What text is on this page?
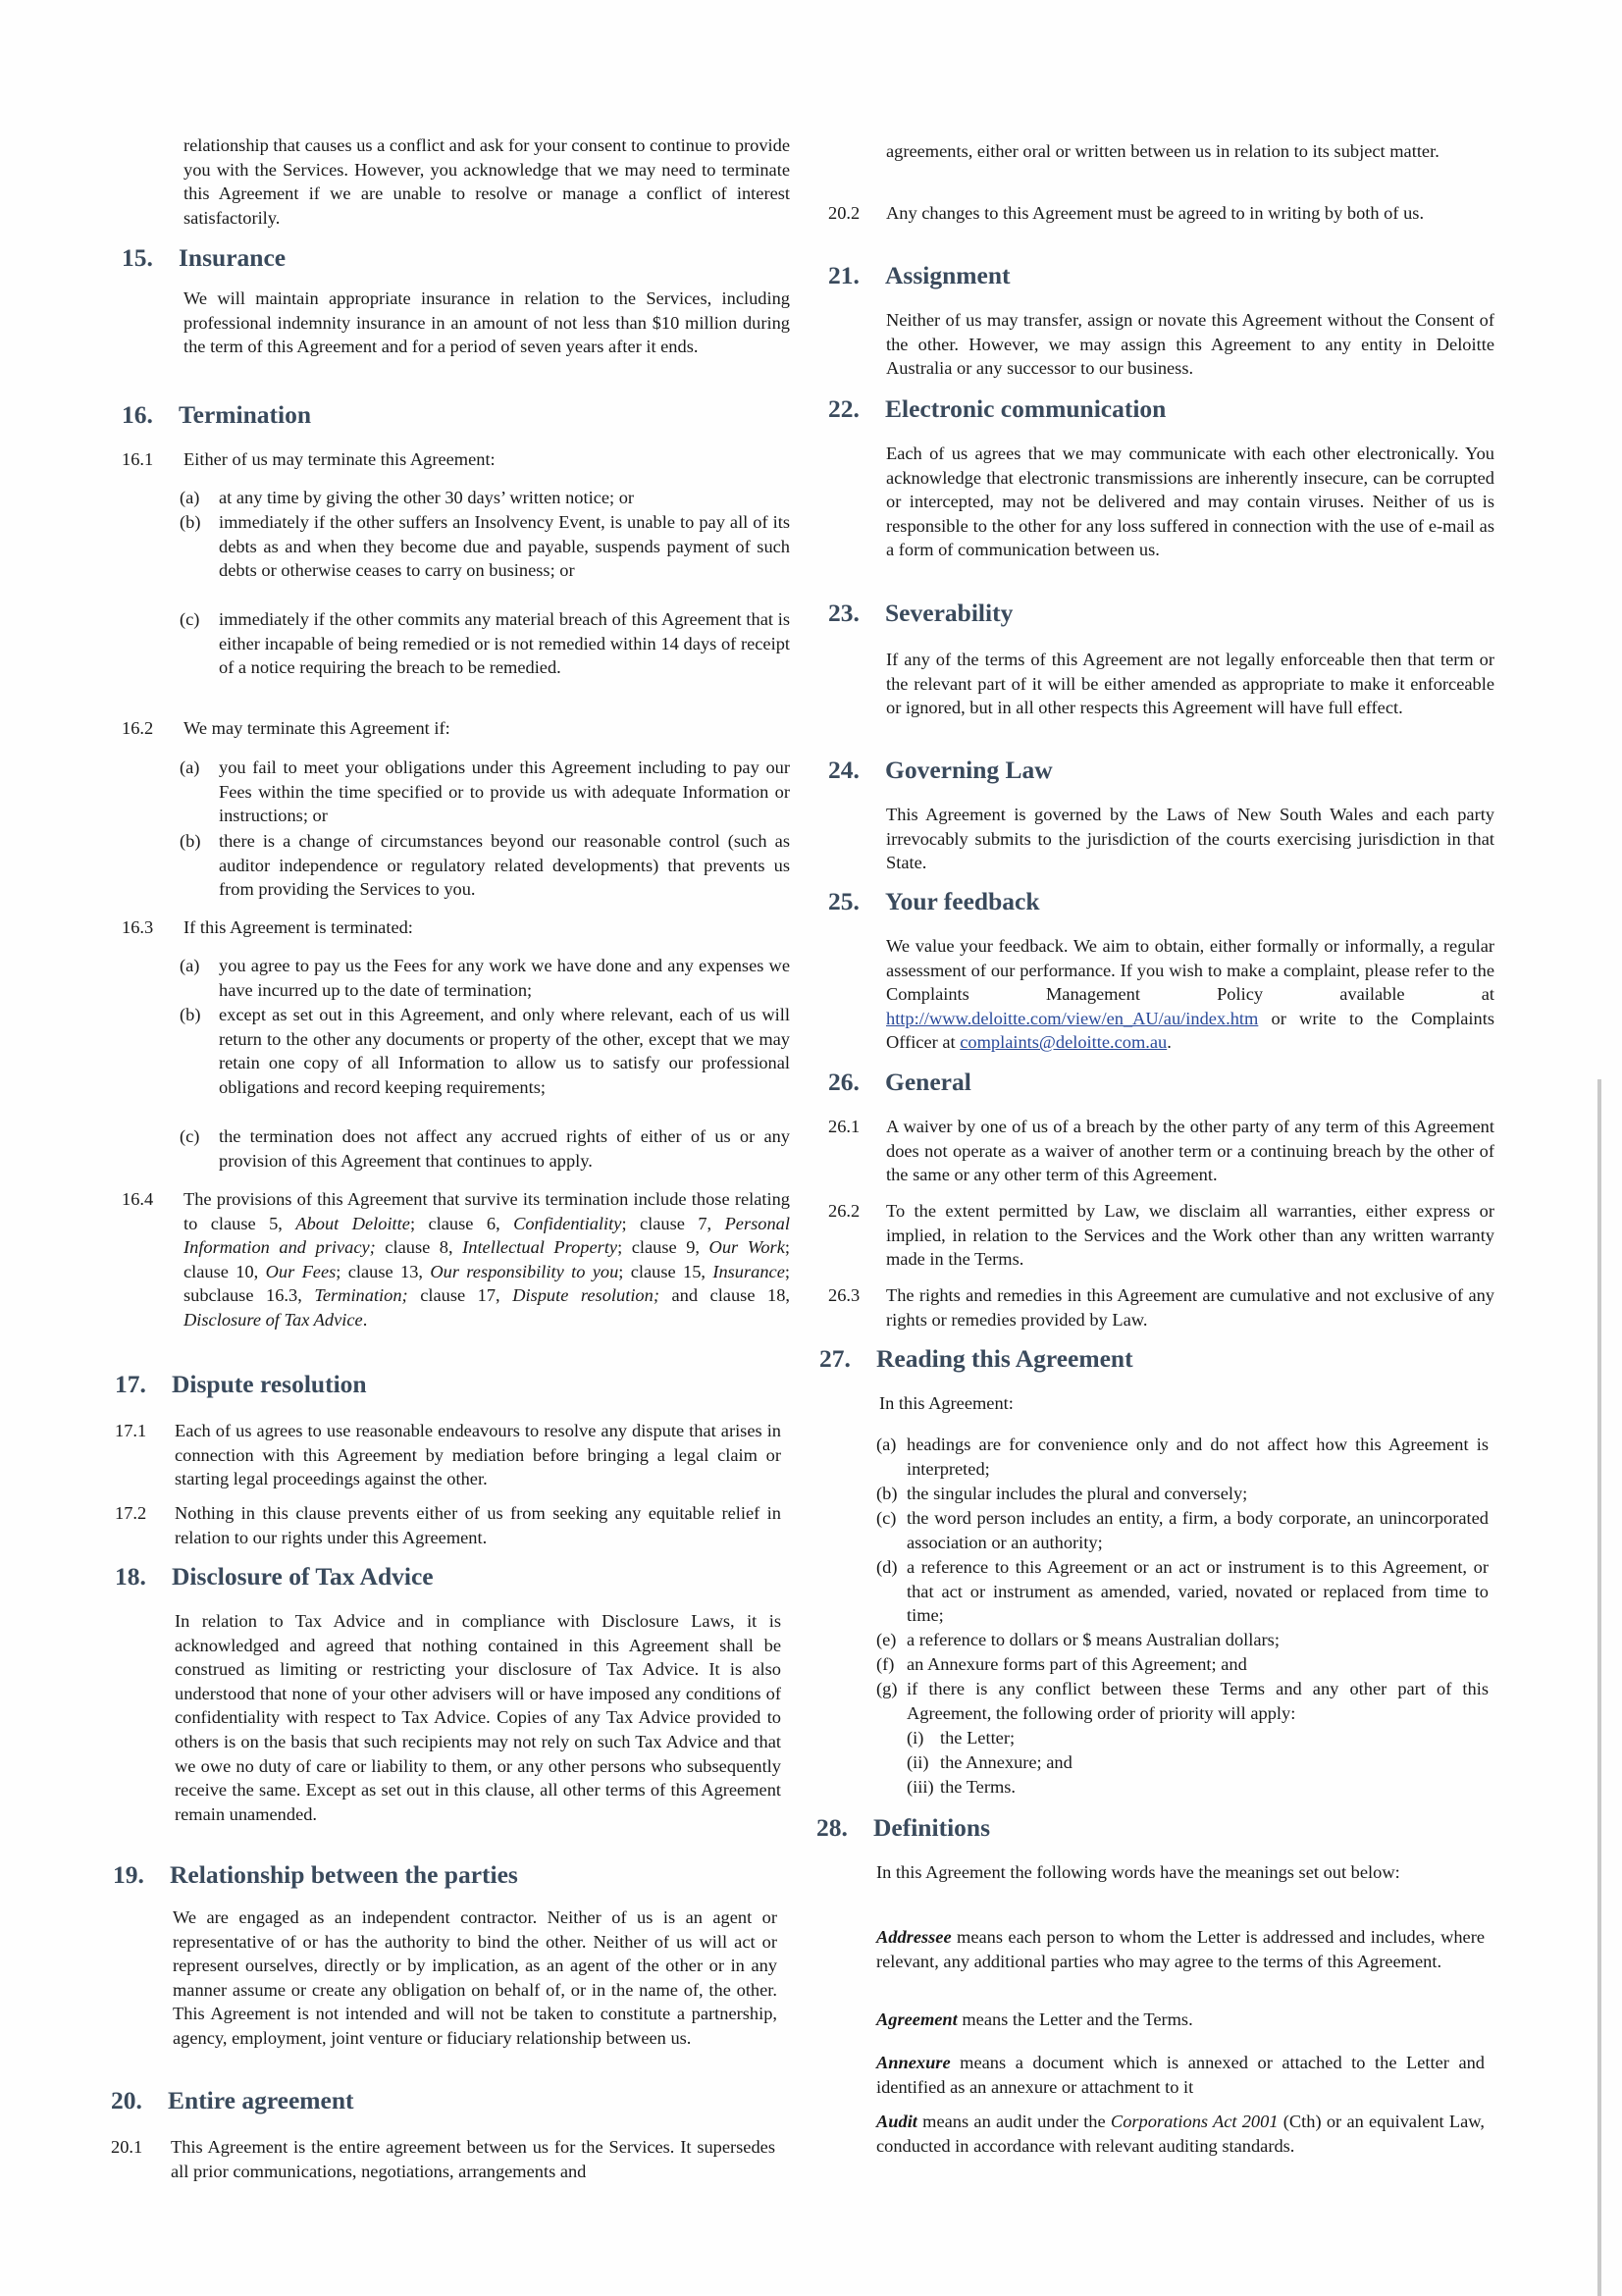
relationship that causes us a conflict and ask for your consent to continue to provide you with the Services. However, you acknowledge that we may need to terminate this Agreement if we are unable to resolve or manage a conflict of interest satisfactorily.
15. Insurance
We will maintain appropriate insurance in relation to the Services, including professional indemnity insurance in an amount of not less than $10 million during the term of this Agreement and for a period of seven years after it ends.
16. Termination
16.1 Either of us may terminate this Agreement:
(a) at any time by giving the other 30 days’ written notice; or
(b) immediately if the other suffers an Insolvency Event, is unable to pay all of its debts as and when they become due and payable, suspends payment of such debts or otherwise ceases to carry on business; or
(c) immediately if the other commits any material breach of this Agreement that is either incapable of being remedied or is not remedied within 14 days of receipt of a notice requiring the breach to be remedied.
16.2 We may terminate this Agreement if:
(a) you fail to meet your obligations under this Agreement including to pay our Fees within the time specified or to provide us with adequate Information or instructions; or
(b) there is a change of circumstances beyond our reasonable control (such as auditor independence or regulatory related developments) that prevents us from providing the Services to you.
16.3 If this Agreement is terminated:
(a) you agree to pay us the Fees for any work we have done and any expenses we have incurred up to the date of termination;
(b) except as set out in this Agreement, and only where relevant, each of us will return to the other any documents or property of the other, except that we may retain one copy of all Information to allow us to satisfy our professional obligations and record keeping requirements;
(c) the termination does not affect any accrued rights of either of us or any provision of this Agreement that continues to apply.
16.4 The provisions of this Agreement that survive its termination include those relating to clause 5, About Deloitte; clause 6, Confidentiality; clause 7, Personal Information and privacy; clause 8, Intellectual Property; clause 9, Our Work; clause 10, Our Fees; clause 13, Our responsibility to you; clause 15, Insurance; subclause 16.3, Termination; clause 17, Dispute resolution; and clause 18, Disclosure of Tax Advice.
17. Dispute resolution
17.1 Each of us agrees to use reasonable endeavours to resolve any dispute that arises in connection with this Agreement by mediation before bringing a legal claim or starting legal proceedings against the other.
17.2 Nothing in this clause prevents either of us from seeking any equitable relief in relation to our rights under this Agreement.
18. Disclosure of Tax Advice
In relation to Tax Advice and in compliance with Disclosure Laws, it is acknowledged and agreed that nothing contained in this Agreement shall be construed as limiting or restricting your disclosure of Tax Advice. It is also understood that none of your other advisers will or have imposed any conditions of confidentiality with respect to Tax Advice. Copies of any Tax Advice provided to others is on the basis that such recipients may not rely on such Tax Advice and that we owe no duty of care or liability to them, or any other persons who subsequently receive the same. Except as set out in this clause, all other terms of this Agreement remain unamended.
19. Relationship between the parties
We are engaged as an independent contractor. Neither of us is an agent or representative of or has the authority to bind the other. Neither of us will act or represent ourselves, directly or by implication, as an agent of the other or in any manner assume or create any obligation on behalf of, or in the name of, the other. This Agreement is not intended and will not be taken to constitute a partnership, agency, employment, joint venture or fiduciary relationship between us.
20. Entire agreement
20.1 This Agreement is the entire agreement between us for the Services. It supersedes all prior communications, negotiations, arrangements and
agreements, either oral or written between us in relation to its subject matter.
20.2 Any changes to this Agreement must be agreed to in writing by both of us.
21. Assignment
Neither of us may transfer, assign or novate this Agreement without the Consent of the other. However, we may assign this Agreement to any entity in Deloitte Australia or any successor to our business.
22. Electronic communication
Each of us agrees that we may communicate with each other electronically. You acknowledge that electronic transmissions are inherently insecure, can be corrupted or intercepted, may not be delivered and may contain viruses. Neither of us is responsible to the other for any loss suffered in connection with the use of e-mail as a form of communication between us.
23. Severability
If any of the terms of this Agreement are not legally enforceable then that term or the relevant part of it will be either amended as appropriate to make it enforceable or ignored, but in all other respects this Agreement will have full effect.
24. Governing Law
This Agreement is governed by the Laws of New South Wales and each party irrevocably submits to the jurisdiction of the courts exercising jurisdiction in that State.
25. Your feedback
We value your feedback. We aim to obtain, either formally or informally, a regular assessment of our performance. If you wish to make a complaint, please refer to the Complaints Management Policy available at http://www.deloitte.com/view/en_AU/au/index.htm or write to the Complaints Officer at complaints@deloitte.com.au.
26. General
26.1 A waiver by one of us of a breach by the other party of any term of this Agreement does not operate as a waiver of another term or a continuing breach by the other of the same or any other term of this Agreement.
26.2 To the extent permitted by Law, we disclaim all warranties, either express or implied, in relation to the Services and the Work other than any written warranty made in the Terms.
26.3 The rights and remedies in this Agreement are cumulative and not exclusive of any rights or remedies provided by Law.
27. Reading this Agreement
In this Agreement:
(a) headings are for convenience only and do not affect how this Agreement is interpreted;
(b) the singular includes the plural and conversely;
(c) the word person includes an entity, a firm, a body corporate, an unincorporated association or an authority;
(d) a reference to this Agreement or an act or instrument is to this Agreement, or that act or instrument as amended, varied, novated or replaced from time to time;
(e) a reference to dollars or $ means Australian dollars;
(f) an Annexure forms part of this Agreement; and
(g) if there is any conflict between these Terms and any other part of this Agreement, the following order of priority will apply:
(i) the Letter;
(ii) the Annexure; and
(iii) the Terms.
28. Definitions
In this Agreement the following words have the meanings set out below:
Addressee means each person to whom the Letter is addressed and includes, where relevant, any additional parties who may agree to the terms of this Agreement.
Agreement means the Letter and the Terms.
Annexure means a document which is annexed or attached to the Letter and identified as an annexure or attachment to it
Audit means an audit under the Corporations Act 2001 (Cth) or an equivalent Law, conducted in accordance with relevant auditing standards.
